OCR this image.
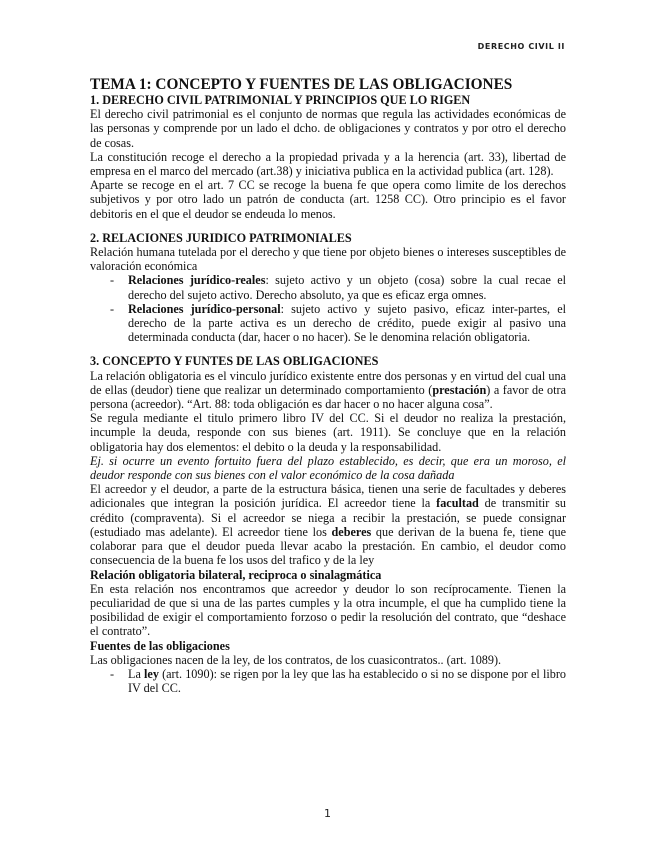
DERECHO CIVIL II

TEMA 1: CONCEPTO Y FUENTES DE LAS OBLIGACIONES

1. DERECHO CIVIL PATRIMONIAL Y PRINCIPIOS QUE LO RIGEN

El derecho civil patrimonial es el conjunto de normas que regula las actividades económicas de las personas y comprende por un lado el dcho. de obligaciones y contratos y por otro el derecho de cosas.

La constitución recoge el derecho a la propiedad privada y a la herencia (art. 33), libertad de empresa en el marco del mercado (art.38) y iniciativa publica en la actividad publica (art. 128).

Aparte se recoge en el art. 7 CC se recoge la buena fe que opera como limite de los derechos subjetivos y por otro lado un patrón de conducta (art. 1258 CC). Otro principio es el favor debitoris en el que el deudor se endeuda lo menos.

2. RELACIONES JURIDICO PATRIMONIALES

Relación humana tutelada por el derecho y que tiene por objeto bienes o intereses susceptibles de valoración económica

- Relaciones jurídico-reales: sujeto activo y un objeto (cosa) sobre la cual recae el derecho del sujeto activo. Derecho absoluto, ya que es eficaz erga omnes.
- Relaciones jurídico-personal: sujeto activo y sujeto pasivo, eficaz inter-partes, el derecho de la parte activa es un derecho de crédito, puede exigir al pasivo una determinada conducta (dar, hacer o no hacer). Se le denomina relación obligatoria.

3. CONCEPTO Y FUNTES DE LAS OBLIGACIONES

La relación obligatoria es el vinculo jurídico existente entre dos personas y en virtud del cual una de ellas (deudor) tiene que realizar un determinado comportamiento (prestación) a favor de otra persona (acreedor). “Art. 88: toda obligación es dar hacer o no hacer alguna cosa”.

Se regula mediante el titulo primero libro IV del CC. Si el deudor no realiza la prestación, incumple la deuda, responde con sus bienes (art. 1911). Se concluye que en la relación obligatoria hay dos elementos: el debito o la deuda y la responsabilidad.

Ej. si ocurre un evento fortuito fuera del plazo establecido, es decir, que era un moroso, el deudor responde con sus bienes con el valor económico de la cosa dañada

El acreedor y el deudor, a parte de la estructura básica, tienen una serie de facultades y deberes adicionales que integran la posición jurídica. El acreedor tiene la facultad de transmitir su crédito (compraventa). Si el acreedor se niega a recibir la prestación, se puede consignar (estudiado mas adelante). El acreedor tiene los deberes que derivan de la buena fe, tiene que colaborar para que el deudor pueda llevar acabo la prestación. En cambio, el deudor como consecuencia de la buena fe los usos del trafico y de la ley

Relación obligatoria bilateral, reciproca o sinalagmática

En esta relación nos encontramos que acreedor y deudor lo son recíprocamente. Tienen la peculiaridad de que si una de las partes cumples y la otra incumple, el que ha cumplido tiene la posibilidad de exigir el comportamiento forzoso o pedir la resolución del contrato, que “deshace el contrato”.

Fuentes de las obligaciones

Las obligaciones nacen de la ley, de los contratos, de los cuasicontratos.. (art. 1089).

- La ley (art. 1090): se rigen por la ley que las ha establecido o si no se dispone por el libro IV del CC.
1
